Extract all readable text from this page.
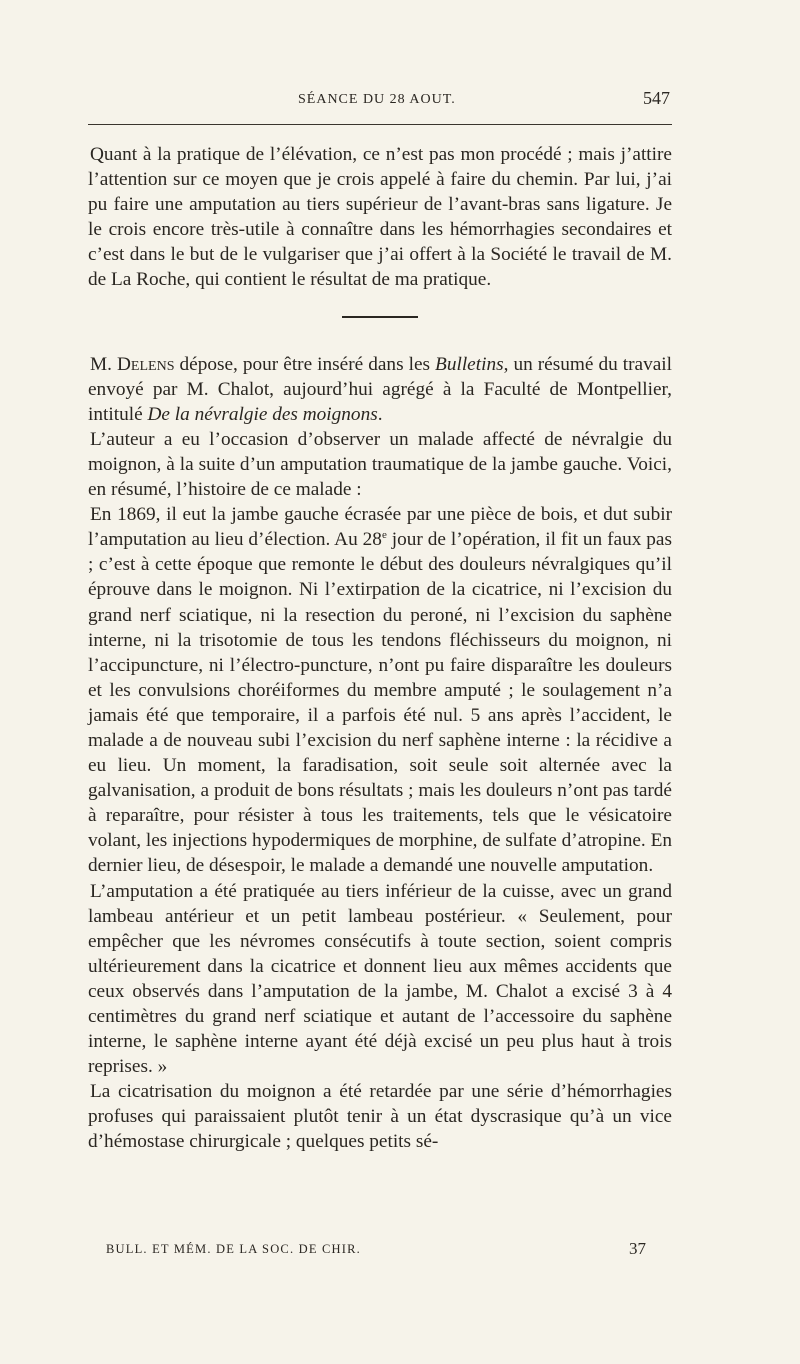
SÉANCE DU 28 AOUT.	547

Quant à la pratique de l’élévation, ce n’est pas mon procédé ; mais j’attire l’attention sur ce moyen que je crois appelé à faire du chemin. Par lui, j’ai pu faire une amputation au tiers supérieur de l’avant-bras sans ligature. Je le crois encore très-utile à connaître dans les hémorrhagies secondaires et c’est dans le but de le vulgariser que j’ai offert à la Société le travail de M. de La Roche, qui contient le résultat de ma pratique.

M. Delens dépose, pour être inséré dans les Bulletins, un résumé du travail envoyé par M. Chalot, aujourd’hui agrégé à la Faculté de Montpellier, intitulé De la névralgie des moignons.

L’auteur a eu l’occasion d’observer un malade affecté de névralgie du moignon, à la suite d’un amputation traumatique de la jambe gauche. Voici, en résumé, l’histoire de ce malade :

En 1869, il eut la jambe gauche écrasée par une pièce de bois, et dut subir l’amputation au lieu d’élection. Au 28e jour de l’opération, il fit un faux pas ; c’est à cette époque que remonte le début des douleurs névralgiques qu’il éprouve dans le moignon. Ni l’extirpation de la cicatrice, ni l’excision du grand nerf sciatique, ni la resection du peroné, ni l’excision du saphène interne, ni la trisotomie de tous les tendons fléchisseurs du moignon, ni l’accipuncture, ni l’électro-puncture, n’ont pu faire disparaître les douleurs et les convulsions choréiformes du membre amputé ; le soulagement n’a jamais été que temporaire, il a parfois été nul. 5 ans après l’accident, le malade a de nouveau subi l’excision du nerf saphène interne : la récidive a eu lieu. Un moment, la faradisation, soit seule soit alternée avec la galvanisation, a produit de bons résultats ; mais les douleurs n’ont pas tardé à reparaître, pour résister à tous les traitements, tels que le vésicatoire volant, les injections hypodermiques de morphine, de sulfate d’atropine. En dernier lieu, de désespoir, le malade a demandé une nouvelle amputation.

L’amputation a été pratiquée au tiers inférieur de la cuisse, avec un grand lambeau antérieur et un petit lambeau postérieur. « Seulement, pour empêcher que les névromes consécutifs à toute section, soient compris ultérieurement dans la cicatrice et donnent lieu aux mêmes accidents que ceux observés dans l’amputation de la jambe, M. Chalot a excisé 3 à 4 centimètres du grand nerf sciatique et autant de l’accessoire du saphène interne, le saphène interne ayant été déjà excisé un peu plus haut à trois reprises. »

La cicatrisation du moignon a été retardée par une série d’hémorrhagies profuses qui paraissaient plutôt tenir à un état dyscrasique qu’à un vice d’hémostase chirurgicale ; quelques petits sé-

BULL. ET MÉM. DE LA SOC. DE CHIR.	37
